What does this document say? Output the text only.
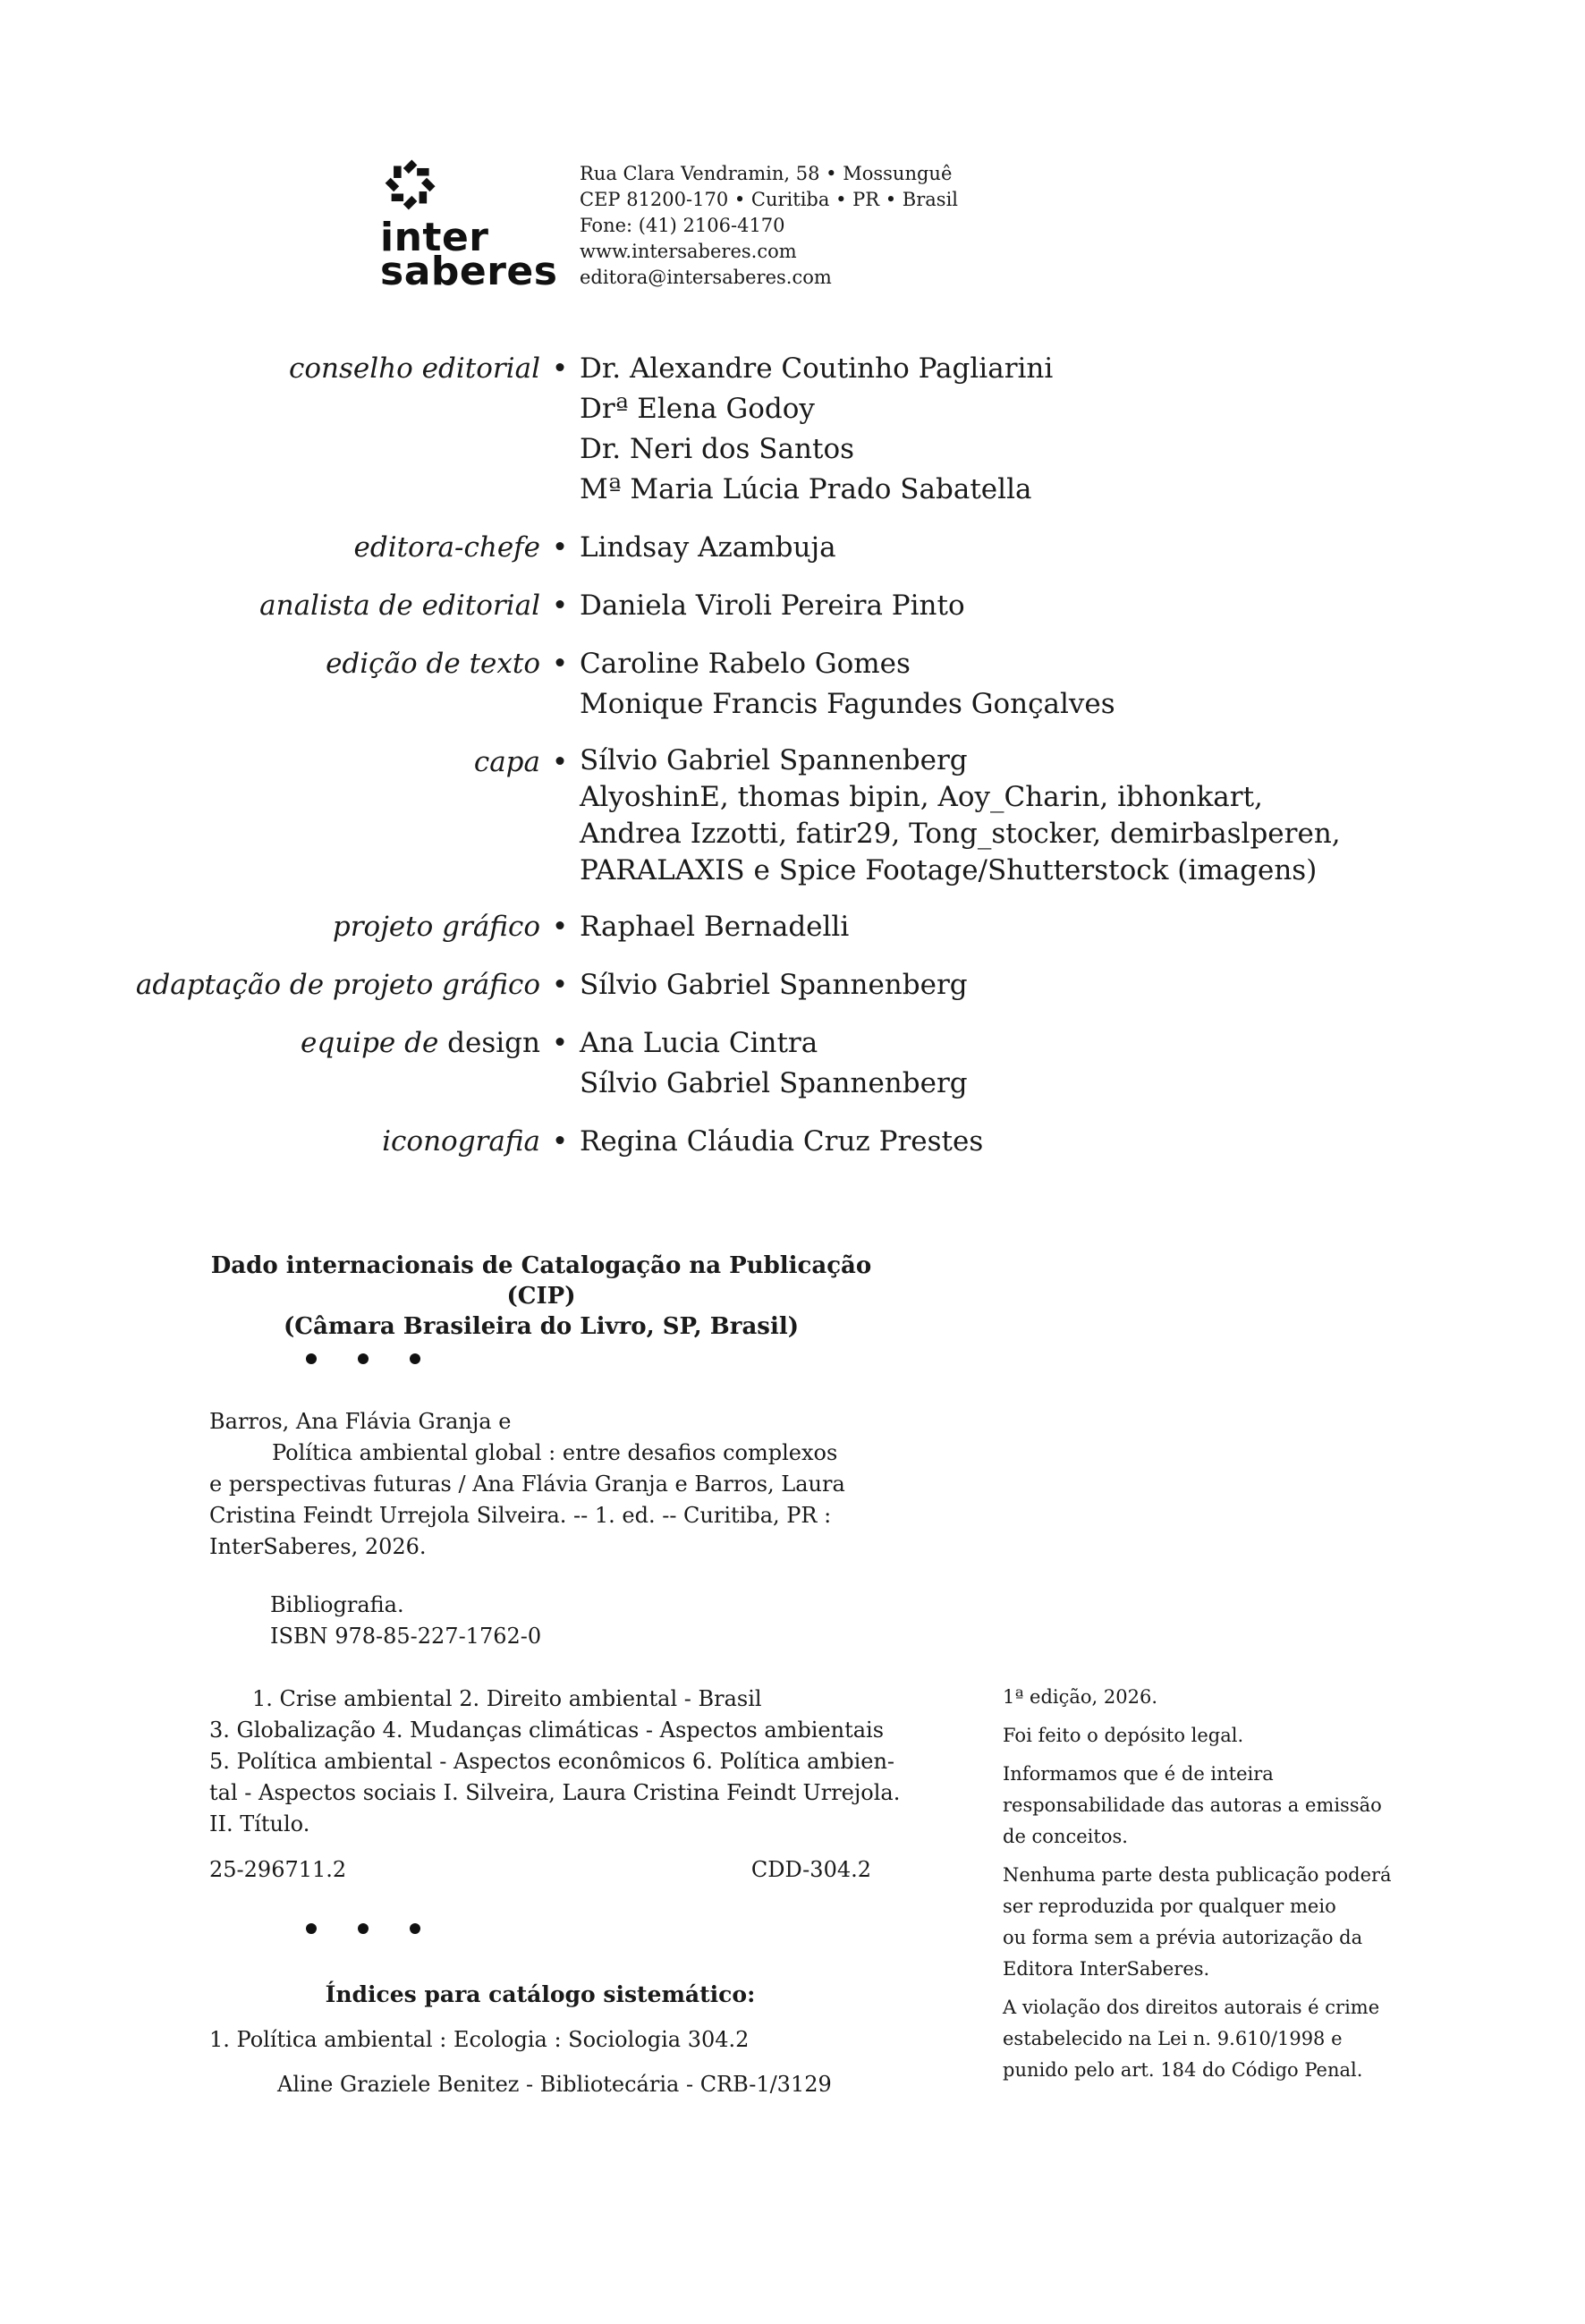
inter
saberes
Rua Clara Vendramin, 58 • Mossunguê
CEP 81200-170 • Curitiba • PR • Brasil
Fone: (41) 2106-4170
www.intersaberes.com
editora@intersaberes.com
conselho editorial • Dr. Alexandre Coutinho Pagliarini
Drª Elena Godoy
Dr. Neri dos Santos
Mª Maria Lúcia Prado Sabatella
editora-chefe • Lindsay Azambuja
analista de editorial • Daniela Viroli Pereira Pinto
edição de texto • Caroline Rabelo Gomes
Monique Francis Fagundes Gonçalves
capa • Sílvio Gabriel Spannenberg
AlyoshinE, thomas bipin, Aoy_Charin, ibhonkart,
Andrea Izzotti, fatir29, Tong_stocker, demirbaslperen,
PARALAXIS e Spice Footage/Shutterstock (imagens)
projeto gráfico • Raphael Bernadelli
adaptação de projeto gráfico • Sílvio Gabriel Spannenberg
equipe de design • Ana Lucia Cintra
Sílvio Gabriel Spannenberg
iconografia • Regina Cláudia Cruz Prestes
Dado internacionais de Catalogação na Publicação (CIP)
(Câmara Brasileira do Livro, SP, Brasil)
Barros, Ana Flávia Granja e
Política ambiental global : entre desafios complexos
e perspectivas futuras / Ana Flávia Granja e Barros, Laura
Cristina Feindt Urrejola Silveira. -- 1. ed. -- Curitiba, PR :
InterSaberes, 2026.
Bibliografia.
ISBN 978-85-227-1762-0
1. Crise ambiental 2. Direito ambiental - Brasil
3. Globalização 4. Mudanças climáticas - Aspectos ambientais
5. Política ambiental - Aspectos econômicos 6. Política ambien-
tal - Aspectos sociais I. Silveira, Laura Cristina Feindt Urrejola.
II. Título.
25-296711.2	CDD-304.2
Índices para catálogo sistemático:
1. Política ambiental : Ecologia : Sociologia 304.2
Aline Graziele Benitez - Bibliotecária - CRB-1/3129
1ª edição, 2026.
Foi feito o depósito legal.
Informamos que é de inteira
responsabilidade das autoras a emissão
de conceitos.
Nenhuma parte desta publicação poderá
ser reproduzida por qualquer meio
ou forma sem a prévia autorização da
Editora InterSaberes.
A violação dos direitos autorais é crime
estabelecido na Lei n. 9.610/1998 e
punido pelo art. 184 do Código Penal.
